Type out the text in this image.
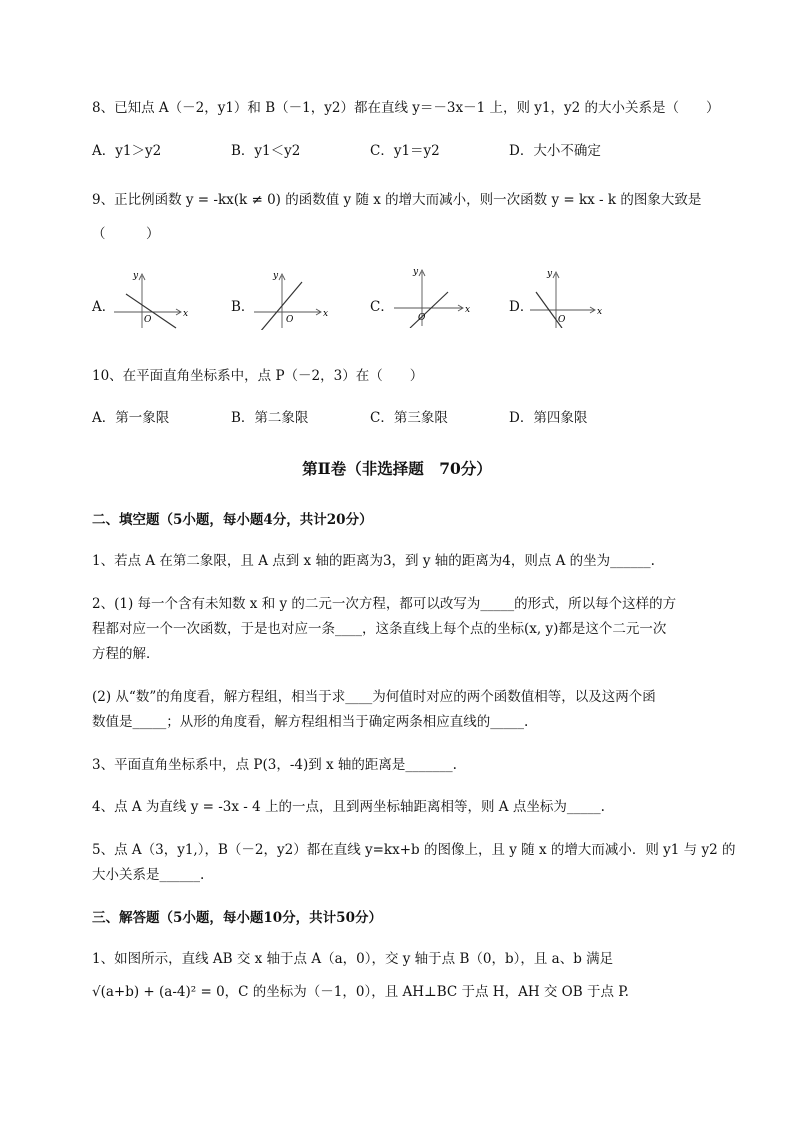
8、已知点 A（－2，y1）和 B（－1，y2）都在直线 y＝－3x－1 上，则 y1，y2 的大小关系是（　　）
A．y1＞y2	B．y1＜y2	C．y1＝y2	D．大小不确定
9、正比例函数 y = -kx(k ≠ 0) 的函数值 y 随 x 的增大而减小，则一次函数 y = kx - k 的图象大致是
（　　　）
A．	x
y
O
B．	x
y
O
C．	x
y
O
D．	x
y
O
10、在平面直角坐标系中，点 P（－2，3）在（　　）
A．第一象限	B．第二象限	C．第三象限	D．第四象限
第Ⅱ卷（非选择题　70分）
二、填空题（5小题，每小题4分，共计20分）
1、若点 A 在第二象限，且 A 点到 x 轴的距离为3，到 y 轴的距离为4，则点 A 的坐为______.
2、(1) 每一个含有未知数 x 和 y 的二元一次方程，都可以改写为_____的形式，所以每个这样的方
程都对应一个一次函数，于是也对应一条____，这条直线上每个点的坐标(x, y)都是这个二元一次
方程的解．
(2) 从“数”的角度看，解方程组，相当于求____为何值时对应的两个函数值相等，以及这两个函
数值是_____；从形的角度看，解方程组相当于确定两条相应直线的_____.
3、平面直角坐标系中，点 P(3，-4)到 x 轴的距离是_______.
4、点 A 为直线 y = -3x - 4 上的一点，且到两坐标轴距离相等，则 A 点坐标为_____.
5、点 A（3，y1,），B（－2，y2）都在直线 y=kx+b 的图像上，且 y 随 x 的增大而减小．则 y1 与 y2 的
大小关系是______.
三、解答题（5小题，每小题10分，共计50分）
1、如图所示，直线 AB 交 x 轴于点 A（a，0），交 y 轴于点 B（0，b），且 a、b 满足
√(a+b) + (a-4)² = 0，C 的坐标为（－1，0），且 AH⊥BC 于点 H，AH 交 OB 于点 P.
